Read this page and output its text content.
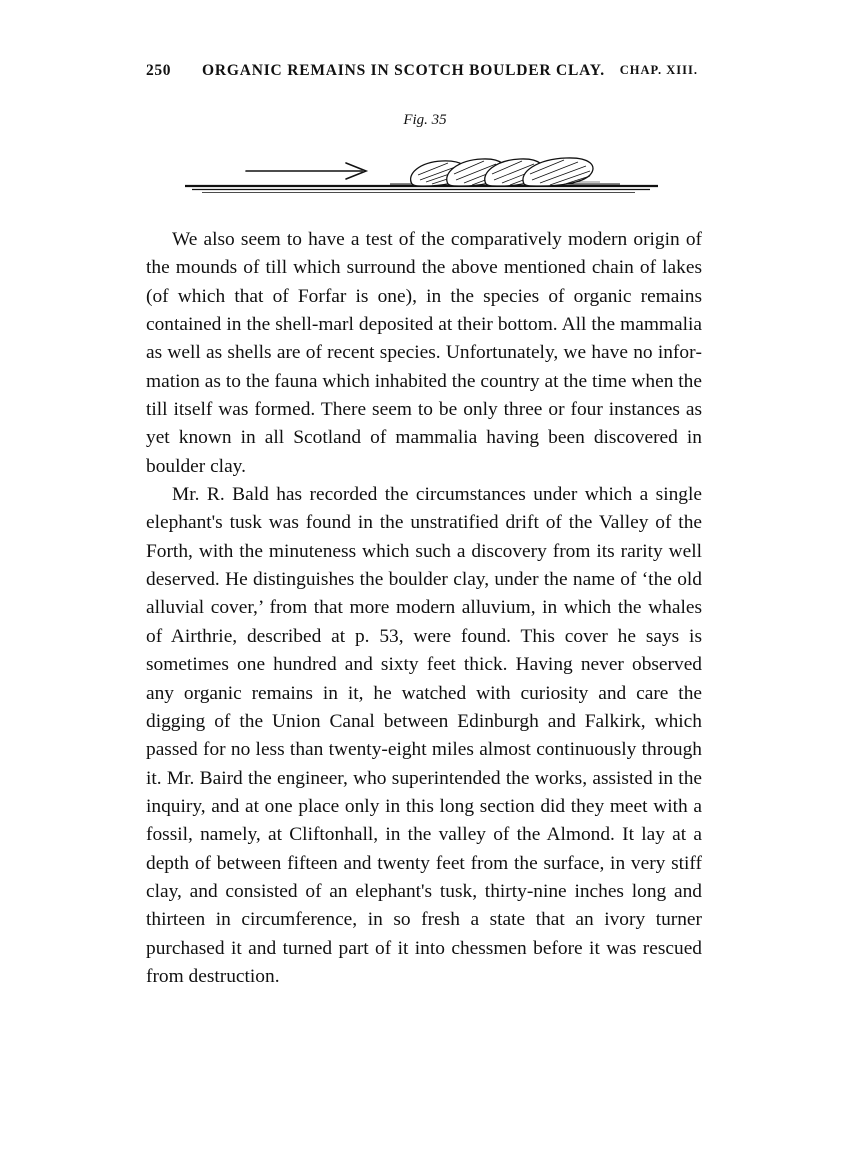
250 ORGANIC REMAINS IN SCOTCH BOULDER CLAY. CHAP. XIII.
Fig. 35

We also seem to have a test of the comparatively modern origin of the mounds of till which surround the above mentioned chain of lakes (of which that of Forfar is one), in the species of organic remains contained in the shell-marl deposited at their bottom. All the mammalia as well as shells are of recent species. Unfortunately, we have no information as to the fauna which inhabited the country at the time when the till itself was formed. There seem to be only three or four instances as yet known in all Scotland of mammalia having been discovered in boulder clay.

Mr. R. Bald has recorded the circumstances under which a single elephant's tusk was found in the unstratified drift of the Valley of the Forth, with the minuteness which such a discovery from its rarity well deserved. He distinguishes the boulder clay, under the name of ‘the old alluvial cover,’ from that more modern alluvium, in which the whales of Airthrie, described at p. 53, were found. This cover he says is sometimes one hundred and sixty feet thick. Having never observed any organic remains in it, he watched with curiosity and care the digging of the Union Canal between Edinburgh and Falkirk, which passed for no less than twenty-eight miles almost continuously through it. Mr. Baird the engineer, who superintended the works, assisted in the inquiry, and at one place only in this long section did they meet with a fossil, namely, at Cliftonhall, in the valley of the Almond. It lay at a depth of between fifteen and twenty feet from the surface, in very stiff clay, and consisted of an elephant's tusk, thirty-nine inches long and thirteen in circumference, in so fresh a state that an ivory turner purchased it and turned part of it into chessmen before it was rescued from destruction.
